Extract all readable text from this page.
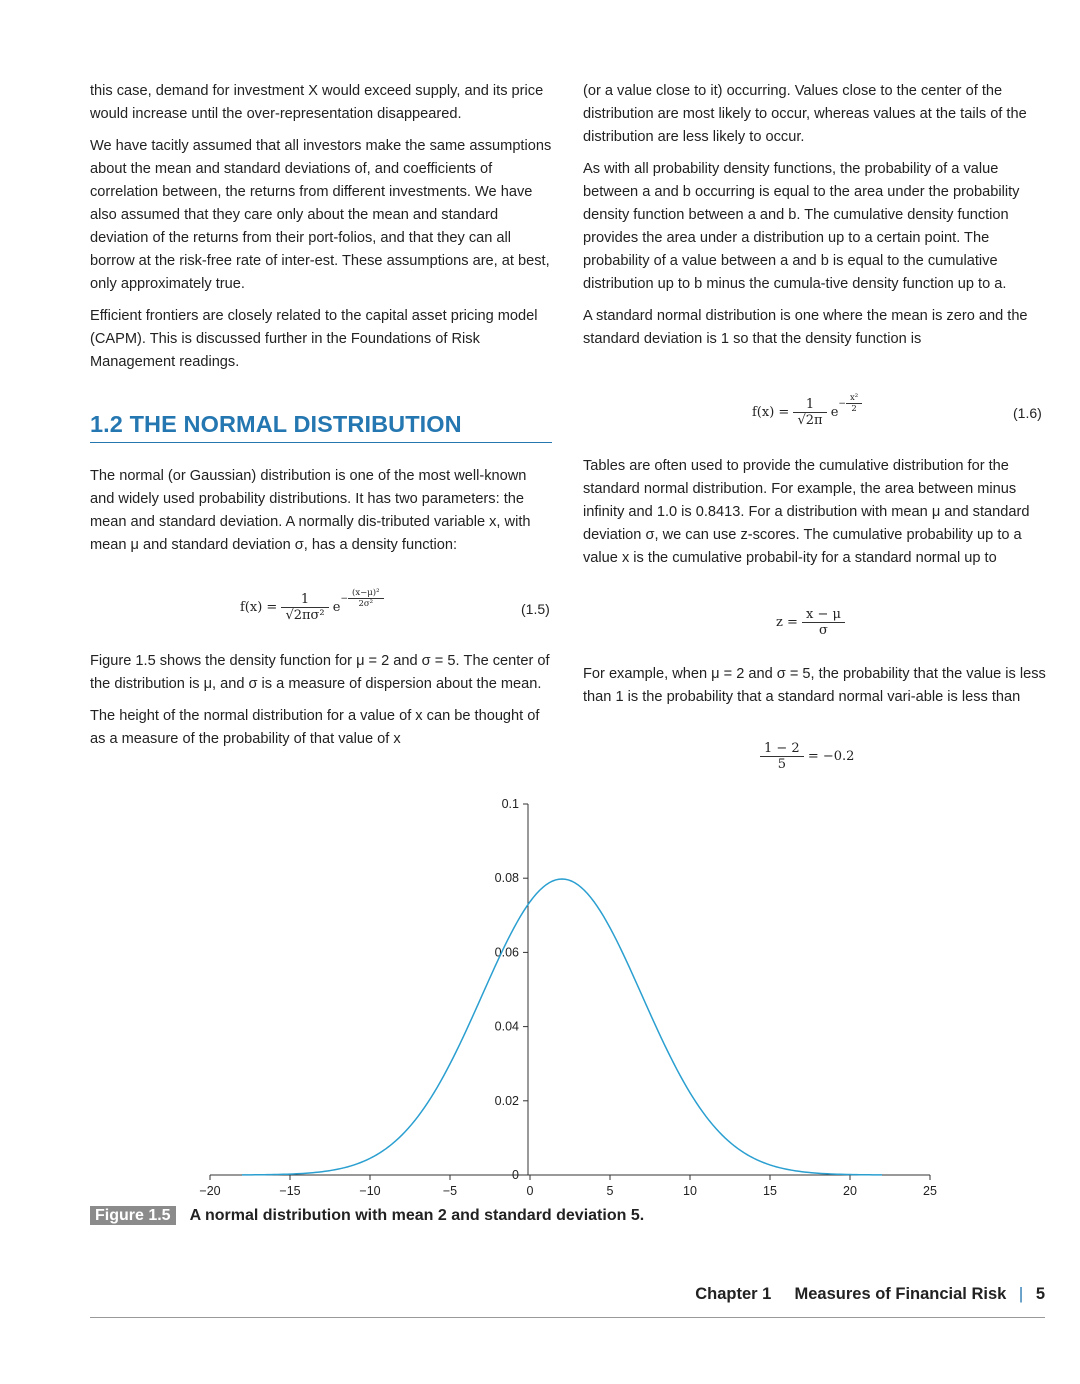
this case, demand for investment X would exceed supply, and its price would increase until the over-representation disappeared.

We have tacitly assumed that all investors make the same assumptions about the mean and standard deviations of, and coefficients of correlation between, the returns from different investments. We have also assumed that they care only about the mean and standard deviation of the returns from their port-folios, and that they can all borrow at the risk-free rate of inter-est. These assumptions are, at best, only approximately true.

Efficient frontiers are closely related to the capital asset pricing model (CAPM). This is discussed further in the Foundations of Risk Management readings.

1.2 THE NORMAL DISTRIBUTION

The normal (or Gaussian) distribution is one of the most well-known and widely used probability distributions. It has two parameters: the mean and standard deviation. A normally dis-tributed variable x, with mean μ and standard deviation σ, has a density function:

$f(x) = \frac{1}{\text{√2πσ²}} e- \frac{\text{(x−μ)²}}{\text{2σ²}}$	(1.5)

Figure 1.5 shows the density function for μ = 2 and σ = 5. The center of the distribution is μ, and σ is a measure of dispersion about the mean.

The height of the normal distribution for a value of x can be thought of as a measure of the probability of that value of x

(or a value close to it) occurring. Values close to the center of the distribution are most likely to occur, whereas values at the tails of the distribution are less likely to occur.

As with all probability density functions, the probability of a value between a and b occurring is equal to the area under the probability density function between a and b. The cumulative density function provides the area under a distribution up to a certain point. The probability of a value between a and b is equal to the cumulative distribution up to b minus the cumula-tive density function up to a.

A standard normal distribution is one where the mean is zero and the standard deviation is 1 so that the density function is

$f(x) = \frac{1}{√2\pi} e- \frac{\text{x²}}{2}$	(1.6)

Tables are often used to provide the cumulative distribution for the standard normal distribution. For example, the area between minus infinity and 1.0 is 0.8413. For a distribution with mean μ and standard deviation σ, we can use z-scores. The cumulative probability up to a value x is the cumulative probabil-ity for a standard normal up to

$z = \frac{x - \mu}{\sigma}$

For example, when μ = 2 and σ = 5, the probability that the value is less than 1 is the probability that a standard normal vari-able is less than

$\frac{1 - 2}{5} = -0.2$
−20	−15	−10	−5	0	5	10	15	20	25
0
0.02
0.04
0.06
0.08
0.1
Figure 1.5 A normal distribution with mean 2 and standard deviation 5.
Chapter 1 Measures of Financial Risk | 5
